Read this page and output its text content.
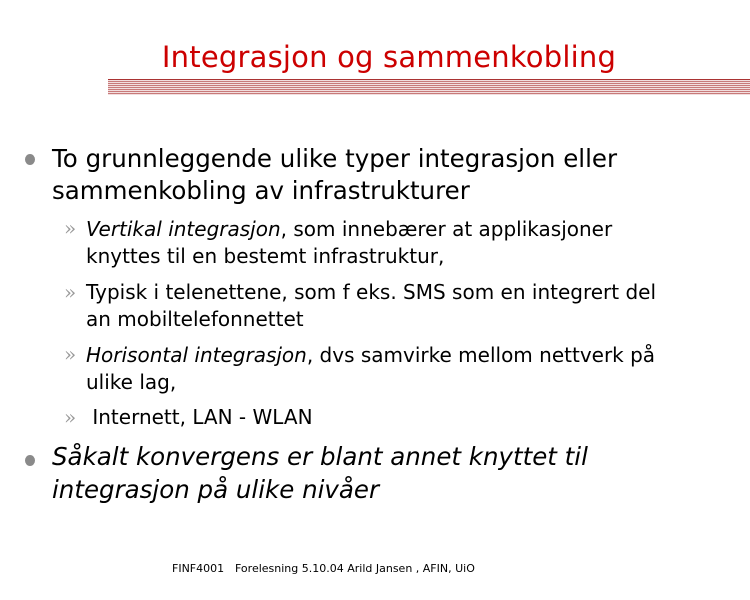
Integrasjon og sammenkobling
To grunnleggende ulike typer integrasjon eller
sammenkobling av infrastrukturer
» Vertikal integrasjon, som innebærer at applikasjoner
knyttes til en bestemt infrastruktur,
» Typisk i telenettene, som f eks. SMS som en integrert del
an mobiltelefonnettet
» Horisontal integrasjon, dvs samvirke mellom nettverk på
ulike lag,
» Internett, LAN - WLAN
Såkalt konvergens er blant annet knyttet til
integrasjon på ulike nivåer
FINF4001 Forelesning 5.10.04 Arild Jansen , AFIN, UiO
